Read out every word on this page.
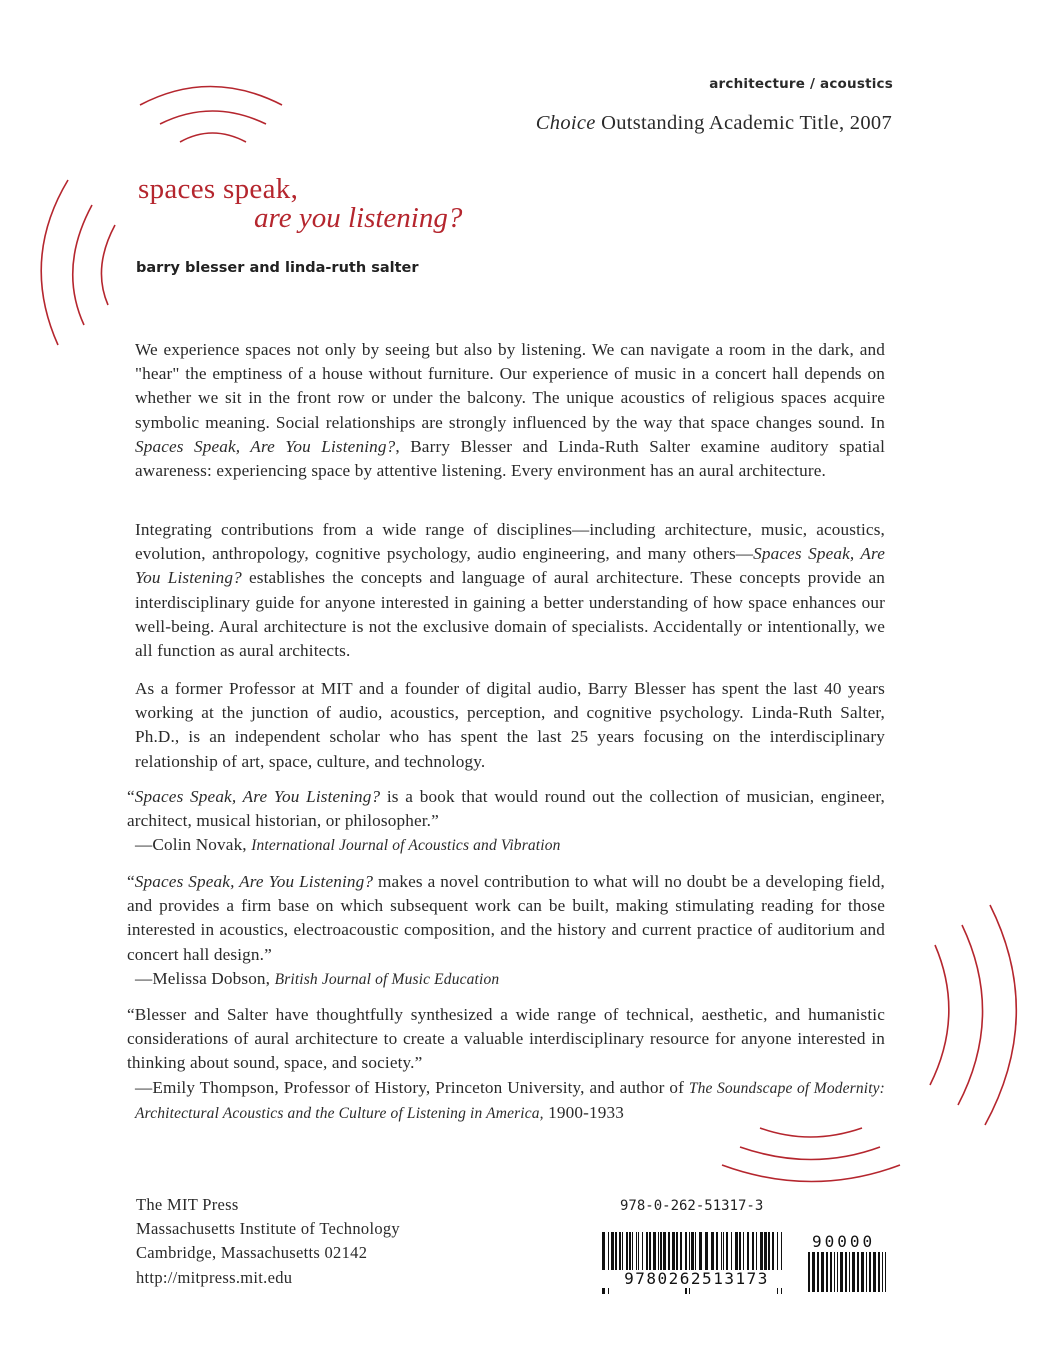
architecture / acoustics
Choice Outstanding Academic Title, 2007
spaces speak,
are you listening?
barry blesser and linda-ruth salter

We experience spaces not only by seeing but also by listening. We can navigate a room in the dark, and "hear" the emptiness of a house without furniture. Our experience of music in a concert hall depends on whether we sit in the front row or under the balcony. The unique acoustics of religious spaces acquire symbolic meaning. Social relationships are strongly influenced by the way that space changes sound. In Spaces Speak, Are You Listening?, Barry Blesser and Linda-Ruth Salter examine auditory spatial awareness: experiencing space by attentive listening. Every environment has an aural architecture.

Integrating contributions from a wide range of disciplines—including architecture, music, acoustics, evolution, anthropology, cognitive psychology, audio engineering, and many others—Spaces Speak, Are You Listening? establishes the concepts and language of aural architecture. These concepts provide an interdisciplinary guide for anyone interested in gaining a better understanding of how space enhances our well-being. Aural architecture is not the exclusive domain of specialists. Accidentally or intentionally, we all function as aural architects.

As a former Professor at MIT and a founder of digital audio, Barry Blesser has spent the last 40 years working at the junction of audio, acoustics, perception, and cognitive psychology. Linda-Ruth Salter, Ph.D., is an independent scholar who has spent the last 25 years focusing on the interdisciplinary relationship of art, space, culture, and technology.

“Spaces Speak, Are You Listening? is a book that would round out the collection of musician, engineer, architect, musical historian, or philosopher.”
—Colin Novak, International Journal of Acoustics and Vibration
“Spaces Speak, Are You Listening? makes a novel contribution to what will no doubt be a developing field, and provides a firm base on which subsequent work can be built, making stimulating reading for those interested in acoustics, electroacoustic composition, and the history and current practice of auditorium and concert hall design.”
—Melissa Dobson, British Journal of Music Education
“Blesser and Salter have thoughtfully synthesized a wide range of technical, aesthetic, and humanistic considerations of aural architecture to create a valuable interdisciplinary resource for anyone interested in thinking about sound, space, and society.”
—Emily Thompson, Professor of History, Princeton University, and author of The Soundscape of Modernity: Architectural Acoustics and the Culture of Listening in America, 1900-1933
The MIT Press
Massachusetts Institute of Technology
Cambridge, Massachusetts 02142
http://mitpress.mit.edu
978-0-262-51317-3
9780262513173
90000
